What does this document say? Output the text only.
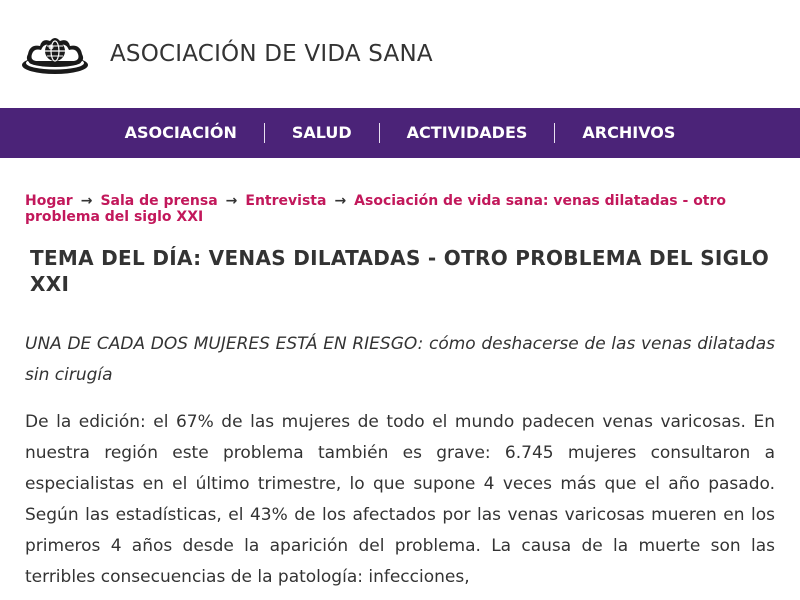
ASOCIACIÓN DE VIDA SANA
ASOCIACIÓN	SALUD	ACTIVIDADES	ARCHIVOS
Hogar → Sala de prensa → Entrevista → Asociación de vida sana: venas dilatadas - otro problema del siglo XXI
TEMA DEL DÍA: VENAS DILATADAS - OTRO PROBLEMA DEL SIGLO XXI

UNA DE CADA DOS MUJERES ESTÁ EN RIESGO: cómo deshacerse de las venas dilatadas sin cirugía

De la edición: el 67% de las mujeres de todo el mundo padecen venas varicosas. En nuestra región este problema también es grave: 6.745 mujeres consultaron a especialistas en el último trimestre, lo que supone 4 veces más que el año pasado. Según las estadísticas, el 43% de los afectados por las venas varicosas mueren en los primeros 4 años desde la aparición del problema. La causa de la muerte son las terribles consecuencias de la patología: infecciones,
